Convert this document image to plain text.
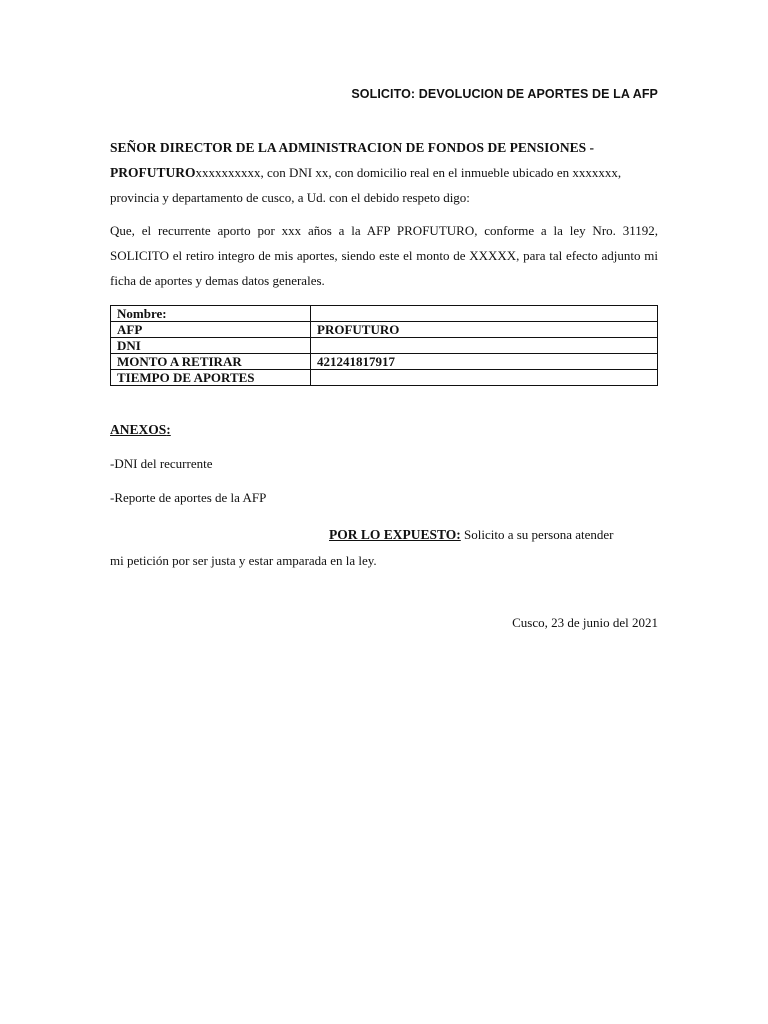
SOLICITO: DEVOLUCION DE APORTES DE LA AFP
SEÑOR DIRECTOR DE LA ADMINISTRACION DE FONDOS DE PENSIONES - PROFUTUROxxxxxxxxxx, con DNI xx, con domicilio real en el inmueble ubicado en xxxxxxx, provincia y departamento de cusco, a Ud. con el debido respeto digo:
Que, el recurrente aporto por xxx años a la AFP PROFUTURO, conforme a la ley Nro. 31192, SOLICITO el retiro integro de mis aportes, siendo este el monto de XXXXX, para tal efecto adjunto mi ficha de aportes y demas datos generales.
Nombre:	
AFP	PROFUTURO
DNI	
MONTO A RETIRAR	421241817917
TIEMPO DE APORTES	
ANEXOS:
-DNI del recurrente
-Reporte de aportes de la AFP
POR LO EXPUESTO: Solicito a su persona atender
mi petición por ser justa y estar amparada en la ley.
Cusco, 23 de junio del 2021
